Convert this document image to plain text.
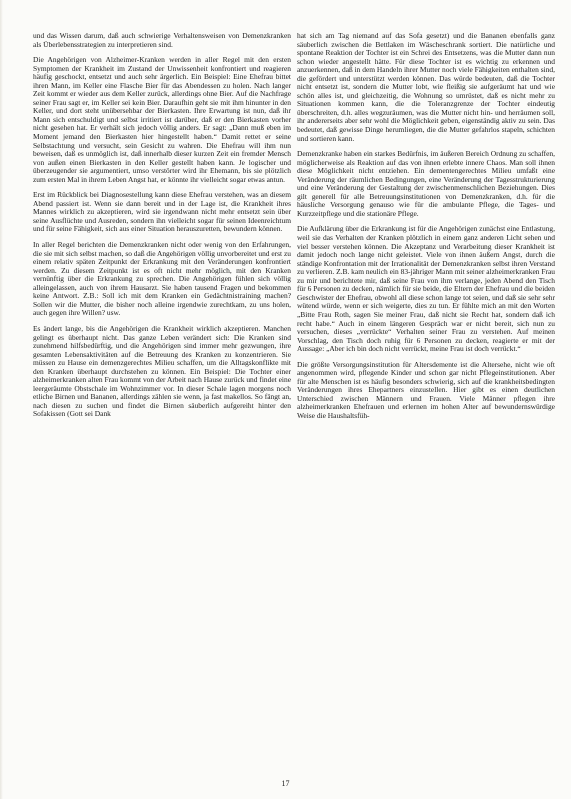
und das Wissen darum, daß auch schwierige Verhaltensweisen von Demenzkranken als Überlebensstrategien zu interpretieren sind.

Die Angehörigen von Alzheimer-Kranken werden in aller Regel mit den ersten Symptomen der Krankheit im Zustand der Unwissenheit konfrontiert und reagieren häufig geschockt, entsetzt und auch sehr ärgerlich. Ein Beispiel: Eine Ehefrau bittet ihren Mann, im Keller eine Flasche Bier für das Abendessen zu holen. Nach langer Zeit kommt er wieder aus dem Keller zurück, allerdings ohne Bier. Auf die Nachfrage seiner Frau sagt er, im Keller sei kein Bier. Daraufhin geht sie mit ihm hinunter in den Keller, und dort steht unübersehbar der Bierkasten. Ihre Erwartung ist nun, daß ihr Mann sich entschuldigt und selbst irritiert ist darüber, daß er den Bierkasten vorher nicht gesehen hat. Er verhält sich jedoch völlig anders. Er sagt: „Dann muß eben im Moment jemand den Bierkasten hier hingestellt haben.“ Damit rettet er seine Selbstachtung und versucht, sein Gesicht zu wahren. Die Ehefrau will ihm nun beweisen, daß es unmöglich ist, daß innerhalb dieser kurzen Zeit ein fremder Mensch von außen einen Bierkasten in den Keller gestellt haben kann. Je logischer und überzeugender sie argumentiert, umso verstörter wird ihr Ehemann, bis sie plötzlich zum ersten Mal in ihrem Leben Angst hat, er könnte ihr vielleicht sogar etwas antun.

Erst im Rückblick bei Diagnosestellung kann diese Ehefrau verstehen, was an diesem Abend passiert ist. Wenn sie dann bereit und in der Lage ist, die Krankheit ihres Mannes wirklich zu akzeptieren, wird sie irgendwann nicht mehr entsetzt sein über seine Ausflüchte und Ausreden, sondern ihn vielleicht sogar für seinen Ideenreichtum und für seine Fähigkeit, sich aus einer Situation herauszuretten, bewundern können.

In aller Regel berichten die Demenzkranken nicht oder wenig von den Erfahrungen, die sie mit sich selbst machen, so daß die Angehörigen völlig unvorbereitet und erst zu einem relativ späten Zeitpunkt der Erkrankung mit den Veränderungen konfrontiert werden. Zu diesem Zeitpunkt ist es oft nicht mehr möglich, mit den Kranken vernünftig über die Erkrankung zu sprechen. Die Angehörigen fühlen sich völlig alleingelassen, auch von ihrem Hausarzt. Sie haben tausend Fragen und bekommen keine Antwort. Z.B.: Soll ich mit dem Kranken ein Gedächtnistraining machen? Sollen wir die Mutter, die bisher noch alleine irgendwie zurechtkam, zu uns holen, auch gegen ihre Willen? usw.

Es ändert lange, bis die Angehörigen die Krankheit wirklich akzeptieren. Manchen gelingt es überhaupt nicht. Das ganze Leben verändert sich: Die Kranken sind zunehmend hilfsbedürftig, und die Angehörigen sind immer mehr gezwungen, ihre gesamten Lebensaktivitäten auf die Betreuung des Kranken zu konzentrieren. Sie müssen zu Hause ein demenzgerechtes Milieu schaffen, um die Alltagskonflikte mit den Kranken überhaupt durchstehen zu können. Ein Beispiel: Die Tochter einer alzheimerkranken alten Frau kommt von der Arbeit nach Hause zurück und findet eine leergeräumte Obstschale im Wohnzimmer vor. In dieser Schale lagen morgens noch etliche Birnen und Bananen, allerdings zählen sie wenn, ja fast makellos. So fängt an, nach diesen zu suchen und findet die Birnen säuberlich aufgereiht hinter den Sofakissen (Gott sei Dank

hat sich am Tag niemand auf das Sofa gesetzt) und die Bananen ebenfalls ganz säuberlich zwischen die Bettlaken im Wäscheschrank sortiert. Die natürliche und spontane Reaktion der Tochter ist ein Schrei des Entsetzens, was die Mutter dann nun schon wieder angestellt hätte. Für diese Tochter ist es wichtig zu erkennen und anzuerkennen, daß in dem Handeln ihrer Mutter noch viele Fähigkeiten enthalten sind, die gefördert und unterstützt werden können. Das würde bedeuten, daß die Tochter nicht entsetzt ist, sondern die Mutter lobt, wie fleißig sie aufgeräumt hat und wie schön alles ist, und gleichzeitig, die Wohnung so umrüstet, daß es nicht mehr zu Situationen kommen kann, die die Toleranzgrenze der Tochter eindeutig überschreiten, d.h. alles wegzuräumen, was die Mutter nicht hin- und herräumen soll, ihr andererseits aber sehr wohl die Möglichkeit geben, eigenständig aktiv zu sein. Das bedeutet, daß gewisse Dinge herumliegen, die die Mutter gefahrlos stapeln, schichten und sortieren kann.

Demenzkranke haben ein starkes Bedürfnis, im äußeren Bereich Ordnung zu schaffen, möglicherweise als Reaktion auf das von ihnen erlebte innere Chaos. Man soll ihnen diese Möglichkeit nicht entziehen. Ein dementengerechtes Milieu umfaßt eine Veränderung der räumlichen Bedingungen, eine Veränderung der Tagesstrukturierung und eine Veränderung der Gestaltung der zwischenmenschlichen Beziehungen. Dies gilt generell für alle Betreuungsinstitutionen von Demenzkranken, d.h. für die häusliche Versorgung genauso wie für die ambulante Pflege, die Tages- und Kurzzeitpflege und die stationäre Pflege.

Die Aufklärung über die Erkrankung ist für die Angehörigen zunächst eine Entlastung, weil sie das Verhalten der Kranken plötzlich in einem ganz anderen Licht sehen und viel besser verstehen können. Die Akzeptanz und Verarbeitung dieser Krankheit ist damit jedoch noch lange nicht geleistet. Viele von ihnen äußern Angst, durch die ständige Konfrontation mit der Irrationalität der Demenzkranken selbst ihren Verstand zu verlieren. Z.B. kam neulich ein 83-jähriger Mann mit seiner alzheimerkranken Frau zu mir und berichtete mir, daß seine Frau von ihm verlange, jeden Abend den Tisch für 6 Personen zu decken, nämlich für sie beide, die Eltern der Ehefrau und die beiden Geschwister der Ehefrau, obwohl all diese schon lange tot seien, und daß sie sehr sehr wütend würde, wenn er sich weigerte, dies zu tun. Er fühlte mich an mit den Worten „Bitte Frau Roth, sagen Sie meiner Frau, daß nicht sie Recht hat, sondern daß ich recht habe.“ Auch in einem längeren Gespräch war er nicht bereit, sich nun zu versuchen, dieses „verrückte“ Verhalten seiner Frau zu verstehen. Auf meinen Vorschlag, den Tisch doch ruhig für 6 Personen zu decken, reagierte er mit der Aussage: „Aber ich bin doch nicht verrückt, meine Frau ist doch verrückt.“

Die größte Versorgungsinstitution für Altersdemente ist die Altersehe, nicht wie oft angenommen wird, pflegende Kinder und schon gar nicht Pflegeinstitutionen. Aber für alte Menschen ist es häufig besonders schwierig, sich auf die krankheitsbedingten Veränderungen ihres Ehepartners einzustellen. Hier gibt es einen deutlichen Unterschied zwischen Männern und Frauen. Viele Männer pflegen ihre alzheimerkranken Ehefrauen und erlernen im hohen Alter auf bewundernswürdige Weise die Haushaltsfüh-

17
